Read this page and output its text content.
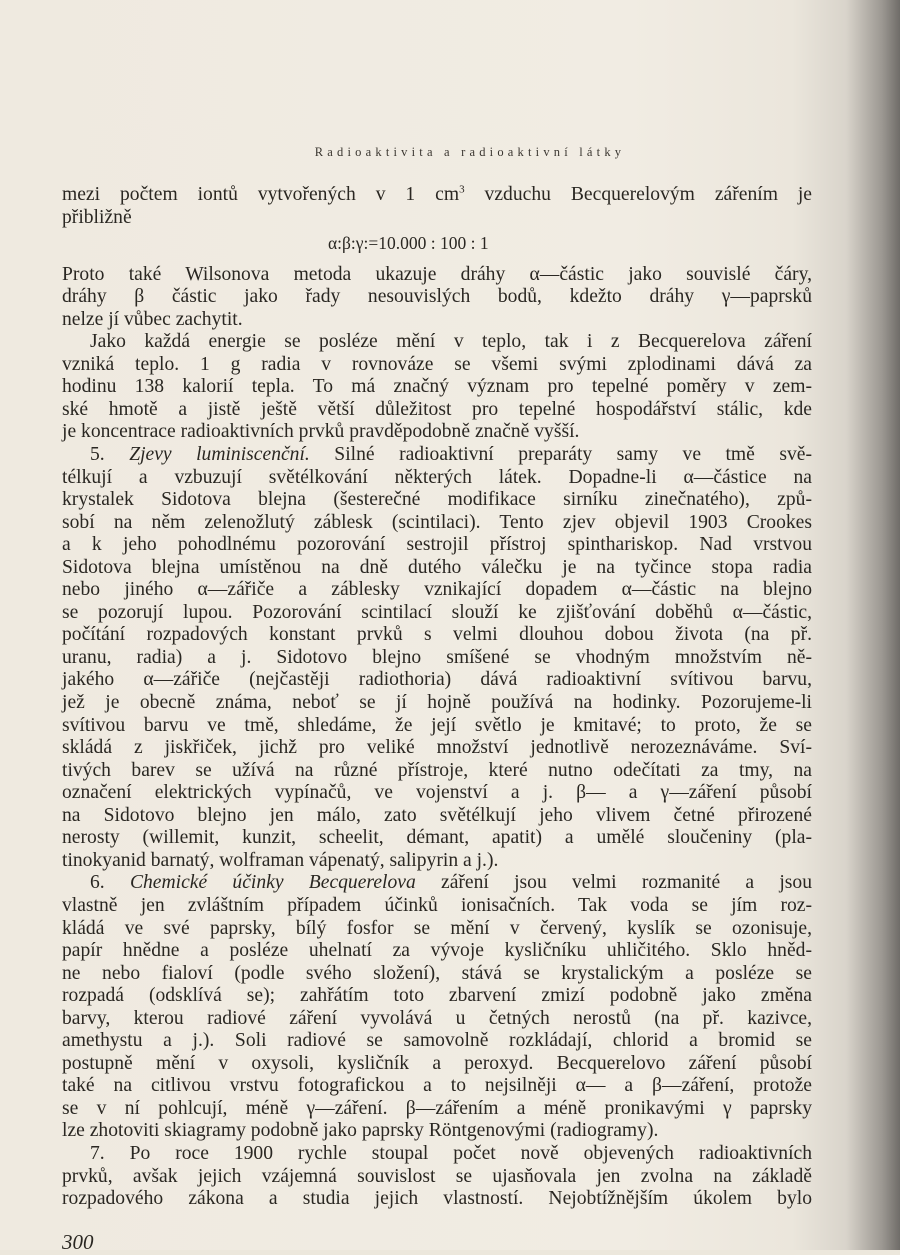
Radioaktivita a radioaktivní látky

mezi počtem iontů vytvořených v 1 $cm^3$ vzduchu Becquerelovým zářením je

přibližně

α:β:γ:=10.000 : 100 : 1

Proto také Wilsonova metoda ukazuje dráhy α—částic jako souvislé čáry,

dráhy β částic jako řady nesouvislých bodů, kdežto dráhy γ—paprsků

nelze jí vůbec zachytit.

Jako každá energie se posléze mění v teplo, tak i z Becquerelova záření

vzniká teplo. 1 g radia v rovnováze se všemi svými zplodinami dává za

hodinu 138 kalorií tepla. To má značný význam pro tepelné poměry v zem-

ské hmotě a jistě ještě větší důležitost pro tepelné hospodářství stálic, kde

je koncentrace radioaktivních prvků pravděpodobně značně vyšší.

5. Zjevy luminiscenční. Silné radioaktivní preparáty samy ve tmě svě-

télkují a vzbuzují světélkování některých látek. Dopadne-li α—částice na

krystalek Sidotova blejna (šesterečné modifikace sirníku zinečnatého), způ-

sobí na něm zelenožlutý záblesk (scintilaci). Tento zjev objevil 1903 Crookes

a k jeho pohodlnému pozorování sestrojil přístroj spinthariskop. Nad vrstvou

Sidotova blejna umístěnou na dně dutého válečku je na tyčince stopa radia

nebo jiného α—zářiče a záblesky vznikající dopadem α—částic na blejno

se pozorují lupou. Pozorování scintilací slouží ke zjišťování doběhů α—částic,

počítání rozpadových konstant prvků s velmi dlouhou dobou života (na př.

uranu, radia) a j. Sidotovo blejno smíšené se vhodným množstvím ně-

jakého α—zářiče (nejčastěji radiothoria) dává radioaktivní svítivou barvu,

jež je obecně známa, neboť se jí hojně používá na hodinky. Pozorujeme-li

svítivou barvu ve tmě, shledáme, že její světlo je kmitavé; to proto, že se

skládá z jiskřiček, jichž pro veliké množství jednotlivě nerozeznáváme. Sví-

tivých barev se užívá na různé přístroje, které nutno odečítati za tmy, na

označení elektrických vypínačů, ve vojenství a j. β— a γ—záření působí

na Sidotovo blejno jen málo, zato světélkují jeho vlivem četné přirozené

nerosty (willemit, kunzit, scheelit, démant, apatit) a umělé sloučeniny (pla-

tinokyanid barnatý, wolframan vápenatý, salipyrin a j.).

6. Chemické účinky Becquerelova záření jsou velmi rozmanité a jsou

vlastně jen zvláštním případem účinků ionisačních. Tak voda se jím roz-

kládá ve své paprsky, bílý fosfor se mění v červený, kyslík se ozonisuje,

papír hnědne a posléze uhelnatí za vývoje kysličníku uhličitého. Sklo hněd-

ne nebo fialoví (podle svého složení), stává se krystalickým a posléze se

rozpadá (odsklívá se); zahřátím toto zbarvení zmizí podobně jako změna

barvy, kterou radiové záření vyvolává u četných nerostů (na př. kazivce,

amethystu a j.). Soli radiové se samovolně rozkládají, chlorid a bromid se

postupně mění v oxysoli, kysličník a peroxyd. Becquerelovo záření působí

také na citlivou vrstvu fotografickou a to nejsilněji α— a β—záření, protože

se v ní pohlcují, méně γ—záření. β—zářením a méně pronikavými γ paprsky

lze zhotoviti skiagramy podobně jako paprsky Röntgenovými (radiogramy).

7. Po roce 1900 rychle stoupal počet nově objevených radioaktivních

prvků, avšak jejich vzájemná souvislost se ujasňovala jen zvolna na základě

rozpadového zákona a studia jejich vlastností. Nejobtížnějším úkolem bylo

300
